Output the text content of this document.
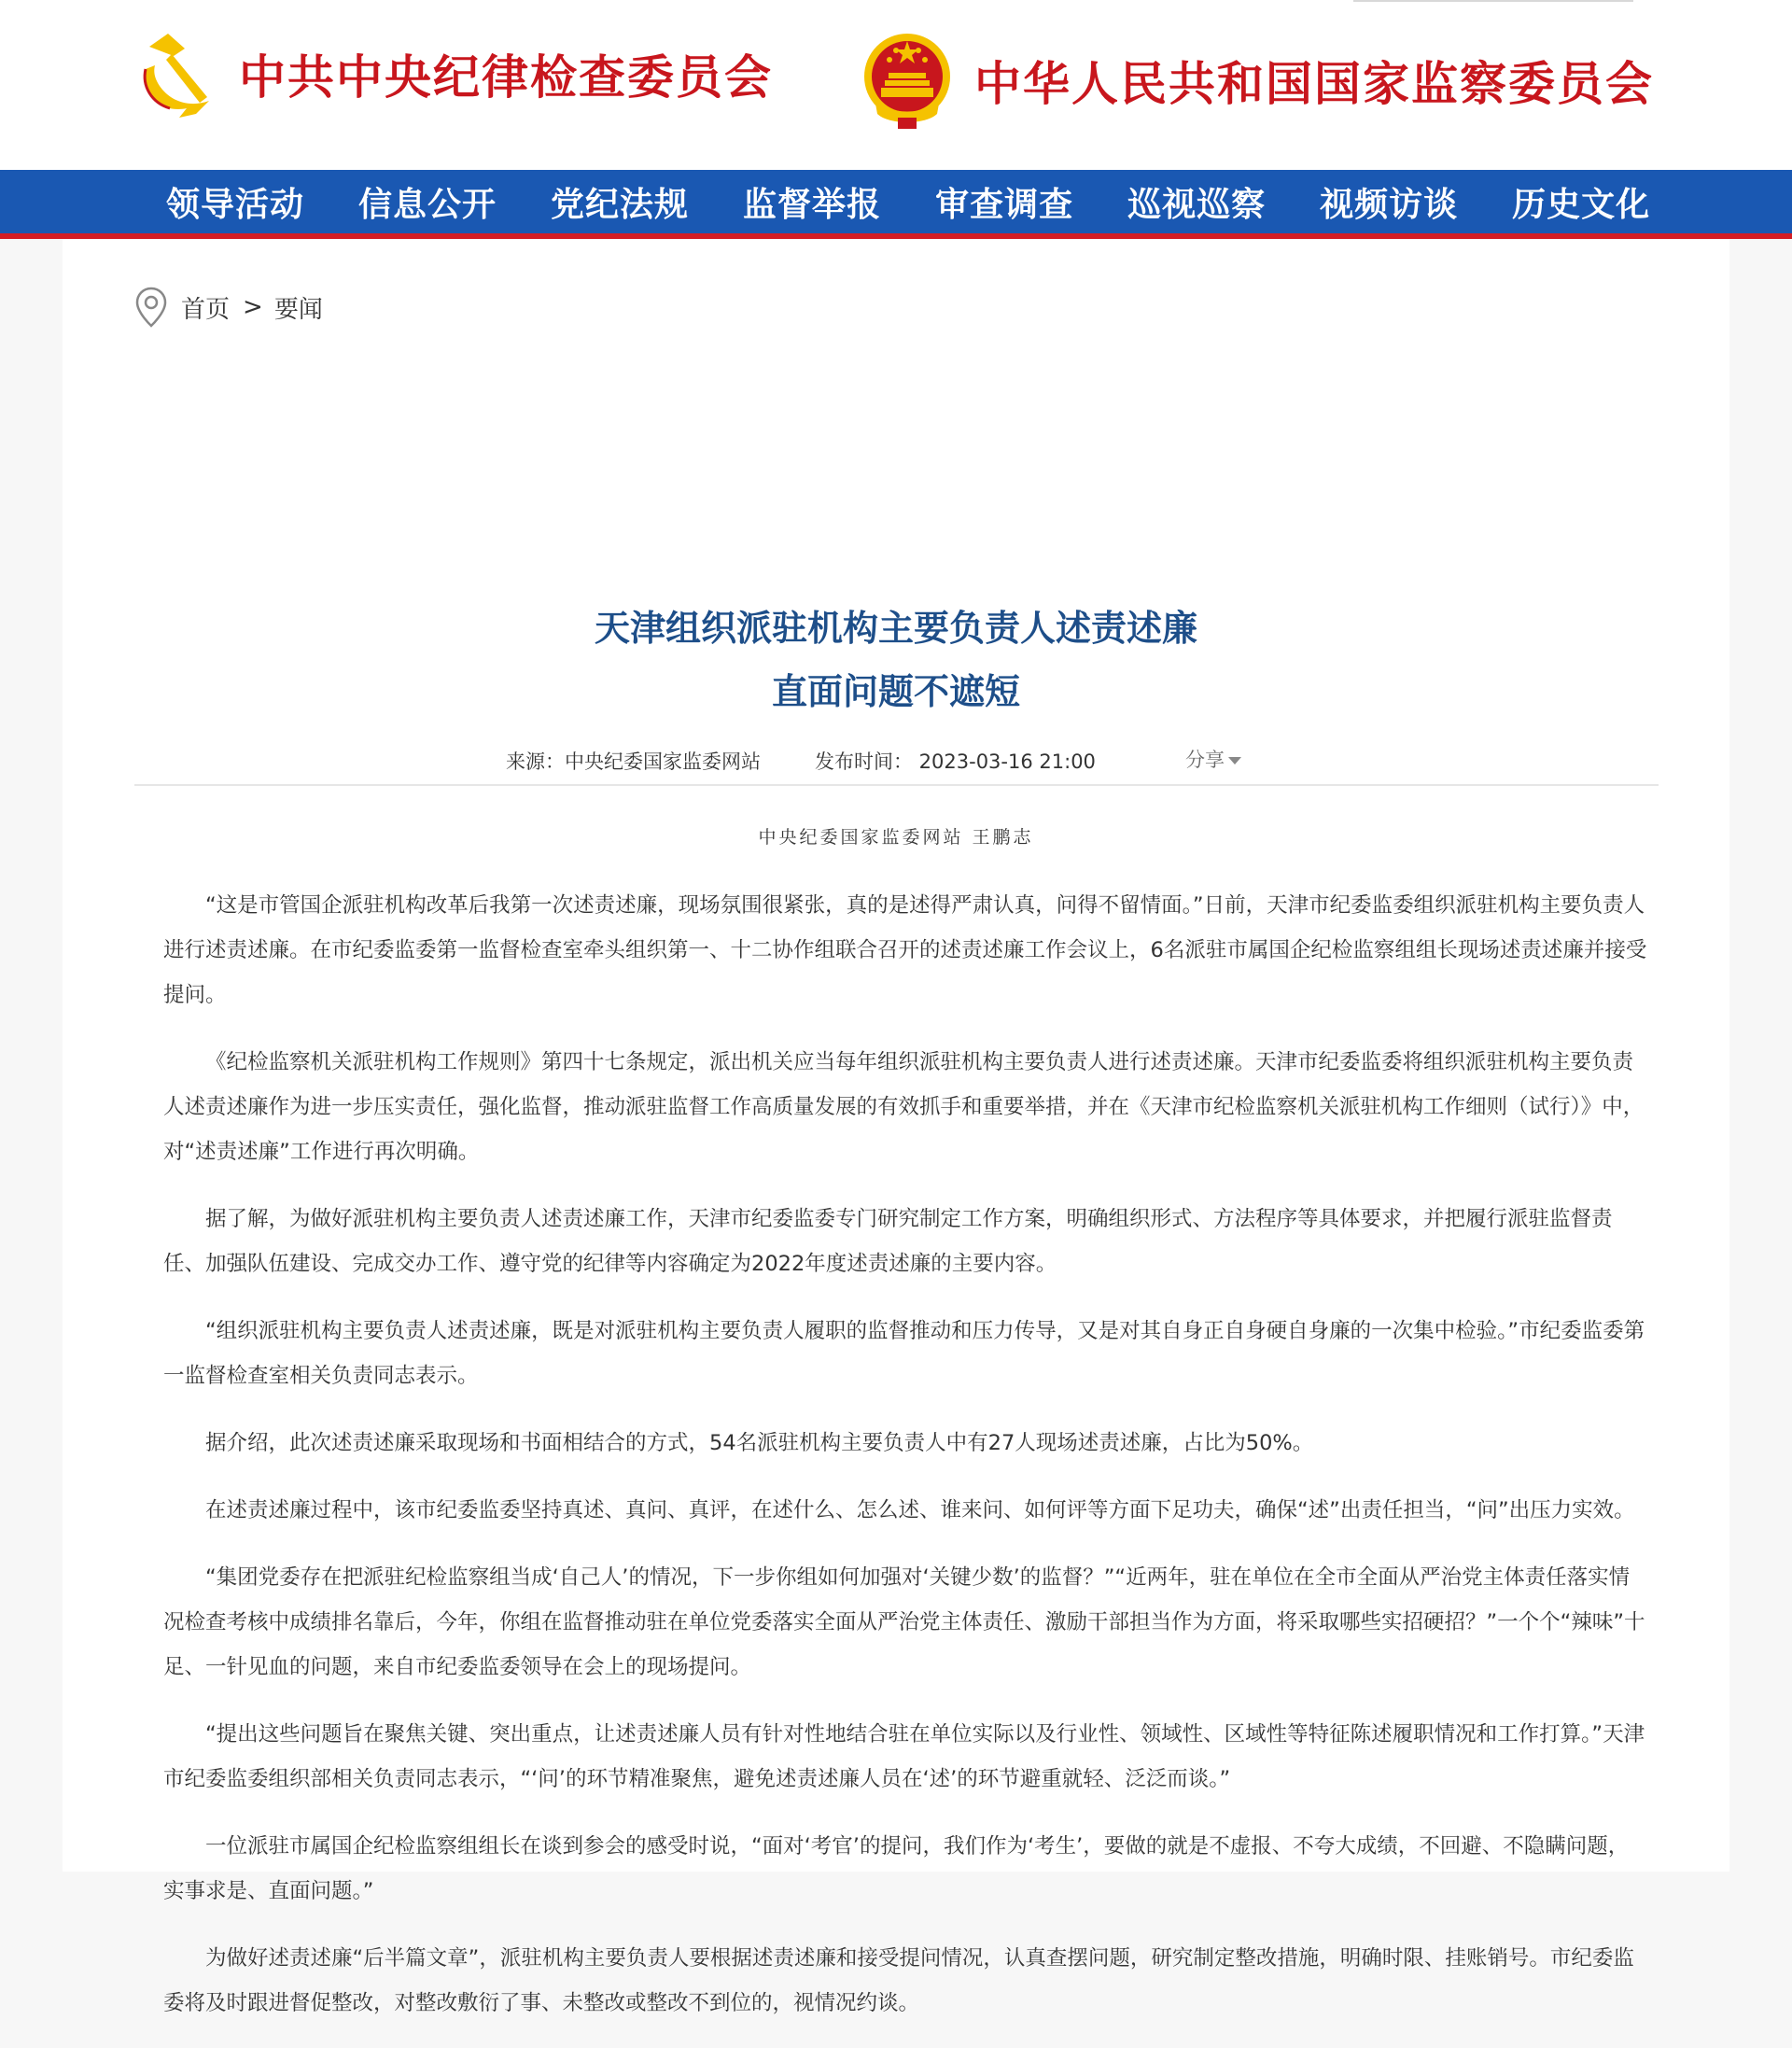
中共中央纪律检查委员会	中华人民共和国国家监察委员会
领导活动 信息公开 党纪法规 监督举报 审查调查 巡视巡察 视频访谈 历史文化
首页 > 要闻
天津组织派驻机构主要负责人述责述廉
直面问题不遮短
来源：中央纪委国家监委网站	发布时间： 2023-03-16 21:00	分享
中央纪委国家监委网站 王鹏志

“这是市管国企派驻机构改革后我第一次述责述廉，现场氛围很紧张，真的是述得严肃认真，问得不留情面。”日前，天津市纪委监委组织派驻机构主要负责人进行述责述廉。在市纪委监委第一监督检查室牵头组织第一、十二协作组联合召开的述责述廉工作会议上，6名派驻市属国企纪检监察组组长现场述责述廉并接受提问。

《纪检监察机关派驻机构工作规则》第四十七条规定，派出机关应当每年组织派驻机构主要负责人进行述责述廉。天津市纪委监委将组织派驻机构主要负责人述责述廉作为进一步压实责任，强化监督，推动派驻监督工作高质量发展的有效抓手和重要举措，并在《天津市纪检监察机关派驻机构工作细则（试行）》中，对“述责述廉”工作进行再次明确。

据了解，为做好派驻机构主要负责人述责述廉工作，天津市纪委监委专门研究制定工作方案，明确组织形式、方法程序等具体要求，并把履行派驻监督责任、加强队伍建设、完成交办工作、遵守党的纪律等内容确定为2022年度述责述廉的主要内容。

“组织派驻机构主要负责人述责述廉，既是对派驻机构主要负责人履职的监督推动和压力传导，又是对其自身正自身硬自身廉的一次集中检验。”市纪委监委第一监督检查室相关负责同志表示。

据介绍，此次述责述廉采取现场和书面相结合的方式，54名派驻机构主要负责人中有27人现场述责述廉，占比为50%。

在述责述廉过程中，该市纪委监委坚持真述、真问、真评，在述什么、怎么述、谁来问、如何评等方面下足功夫，确保“述”出责任担当，“问”出压力实效。

“集团党委存在把派驻纪检监察组当成‘自己人’的情况，下一步你组如何加强对‘关键少数’的监督？”“近两年，驻在单位在全市全面从严治党主体责任落实情况检查考核中成绩排名靠后，今年，你组在监督推动驻在单位党委落实全面从严治党主体责任、激励干部担当作为方面，将采取哪些实招硬招？”一个个“辣味”十足、一针见血的问题，来自市纪委监委领导在会上的现场提问。

“提出这些问题旨在聚焦关键、突出重点，让述责述廉人员有针对性地结合驻在单位实际以及行业性、领域性、区域性等特征陈述履职情况和工作打算。”天津市纪委监委组织部相关负责同志表示，“‘问’的环节精准聚焦，避免述责述廉人员在‘述’的环节避重就轻、泛泛而谈。”

一位派驻市属国企纪检监察组组长在谈到参会的感受时说，“面对‘考官’的提问，我们作为‘考生’，要做的就是不虚报、不夸大成绩，不回避、不隐瞒问题，实事求是、直面问题。”

为做好述责述廉“后半篇文章”，派驻机构主要负责人要根据述责述廉和接受提问情况，认真查摆问题，研究制定整改措施，明确时限、挂账销号。市纪委监委将及时跟进督促整改，对整改敷衍了事、未整改或整改不到位的，视情况约谈。
